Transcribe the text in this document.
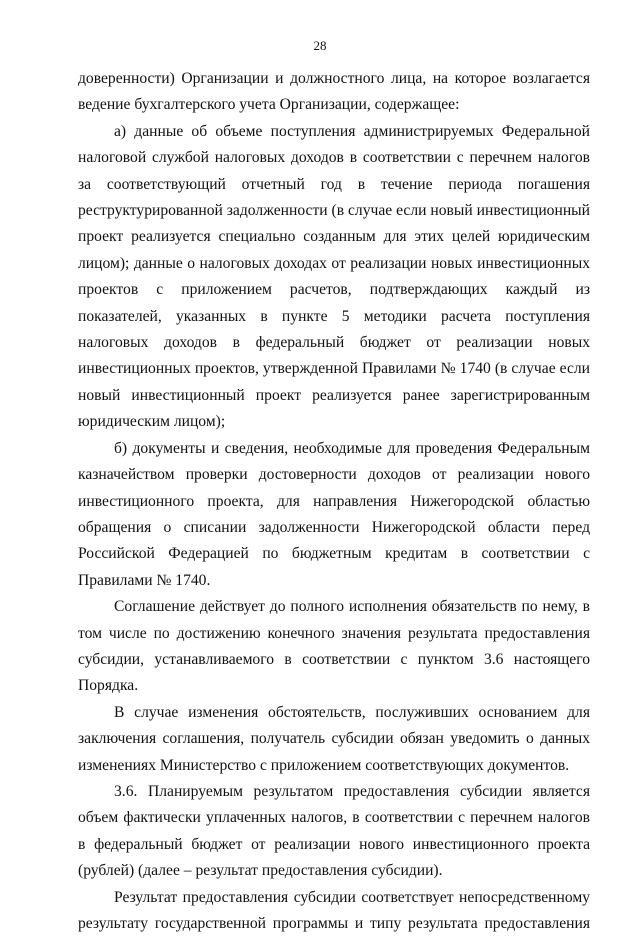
28

доверенности) Организации и должностного лица, на которое возлагается ведение бухгалтерского учета Организации, содержащее:

а) данные об объеме поступления администрируемых Федеральной налоговой службой налоговых доходов в соответствии с перечнем налогов за соответствующий отчетный год в течение периода погашения реструктурированной задолженности (в случае если новый инвестиционный проект реализуется специально созданным для этих целей юридическим лицом); данные о налоговых доходах от реализации новых инвестиционных проектов с приложением расчетов, подтверждающих каждый из показателей, указанных в пункте 5 методики расчета поступления налоговых доходов в федеральный бюджет от реализации новых инвестиционных проектов, утвержденной Правилами № 1740 (в случае если новый инвестиционный проект реализуется ранее зарегистрированным юридическим лицом);

б) документы и сведения, необходимые для проведения Федеральным казначейством проверки достоверности доходов от реализации нового инвестиционного проекта, для направления Нижегородской областью обращения о списании задолженности Нижегородской области перед Российской Федерацией по бюджетным кредитам в соответствии с Правилами № 1740.

Соглашение действует до полного исполнения обязательств по нему, в том числе по достижению конечного значения результата предоставления субсидии, устанавливаемого в соответствии с пунктом 3.6 настоящего Порядка.

В случае изменения обстоятельств, послуживших основанием для заключения соглашения, получатель субсидии обязан уведомить о данных изменениях Министерство с приложением соответствующих документов.

3.6. Планируемым результатом предоставления субсидии является объем фактически уплаченных налогов, в соответствии с перечнем налогов в федеральный бюджет от реализации нового инвестиционного проекта (рублей) (далее – результат предоставления субсидии).

Результат предоставления субсидии соответствует непосредственному результату государственной программы и типу результата предоставления
